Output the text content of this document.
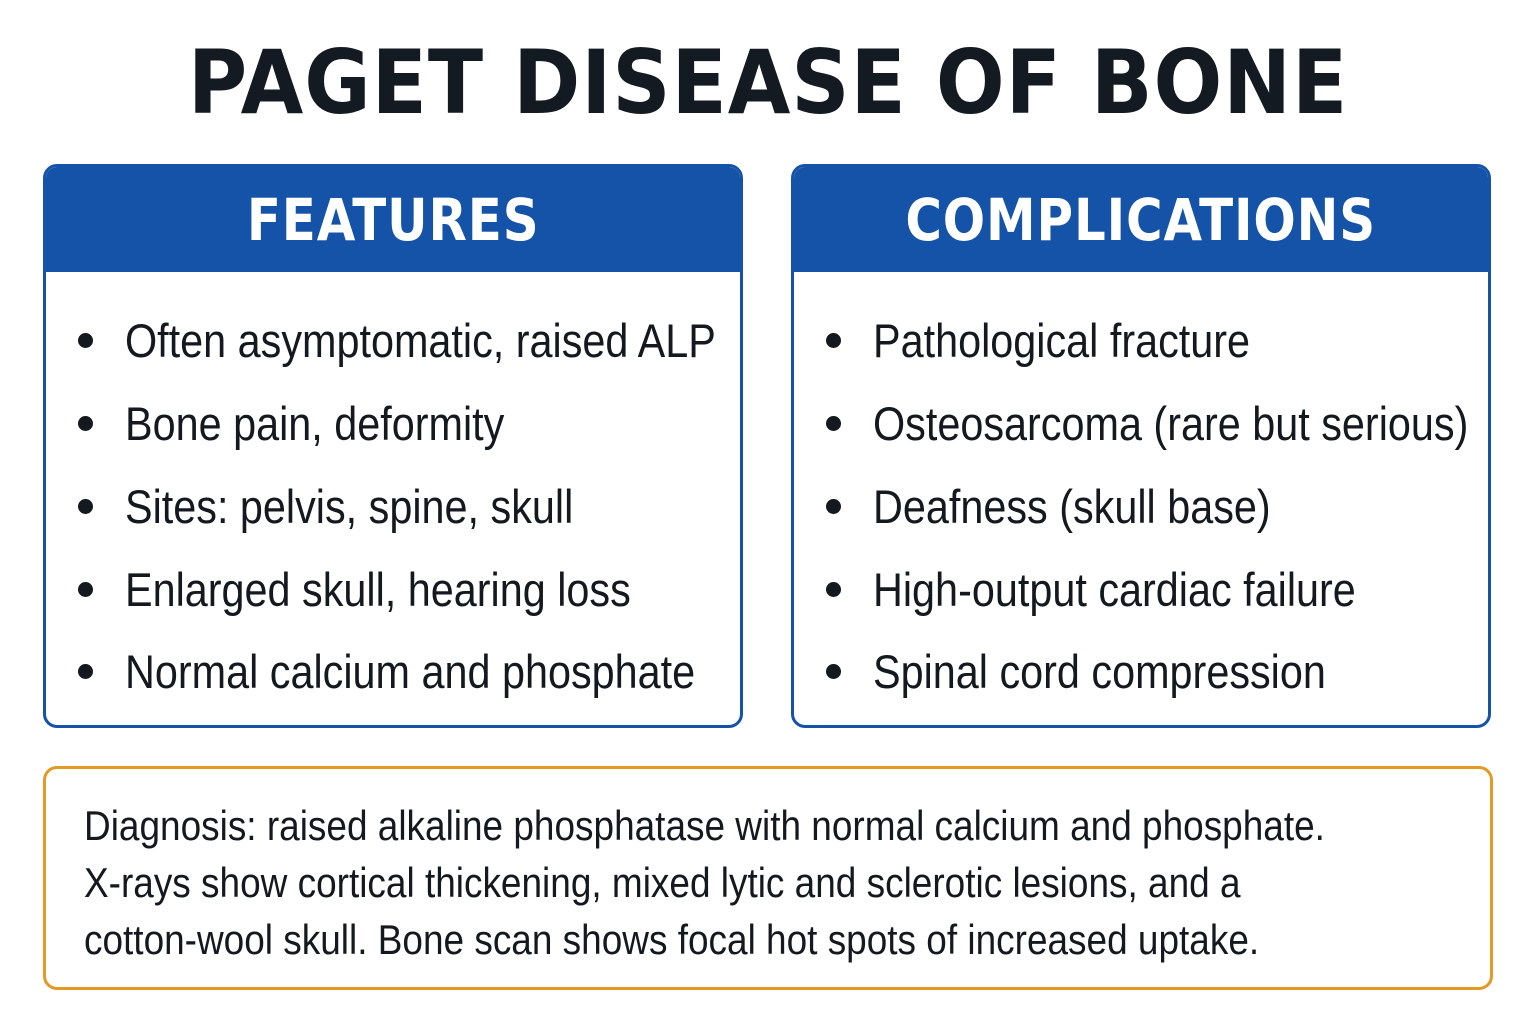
PAGET DISEASE OF BONE
FEATURES
Often asymptomatic, raised ALP
Bone pain, deformity
Sites: pelvis, spine, skull
Enlarged skull, hearing loss
Normal calcium and phosphate
COMPLICATIONS
Pathological fracture
Osteosarcoma (rare but serious)
Deafness (skull base)
High-output cardiac failure
Spinal cord compression

Diagnosis: raised alkaline phosphatase with normal calcium and phosphate.
X-rays show cortical thickening, mixed lytic and sclerotic lesions, and a
cotton-wool skull. Bone scan shows focal hot spots of increased uptake.
